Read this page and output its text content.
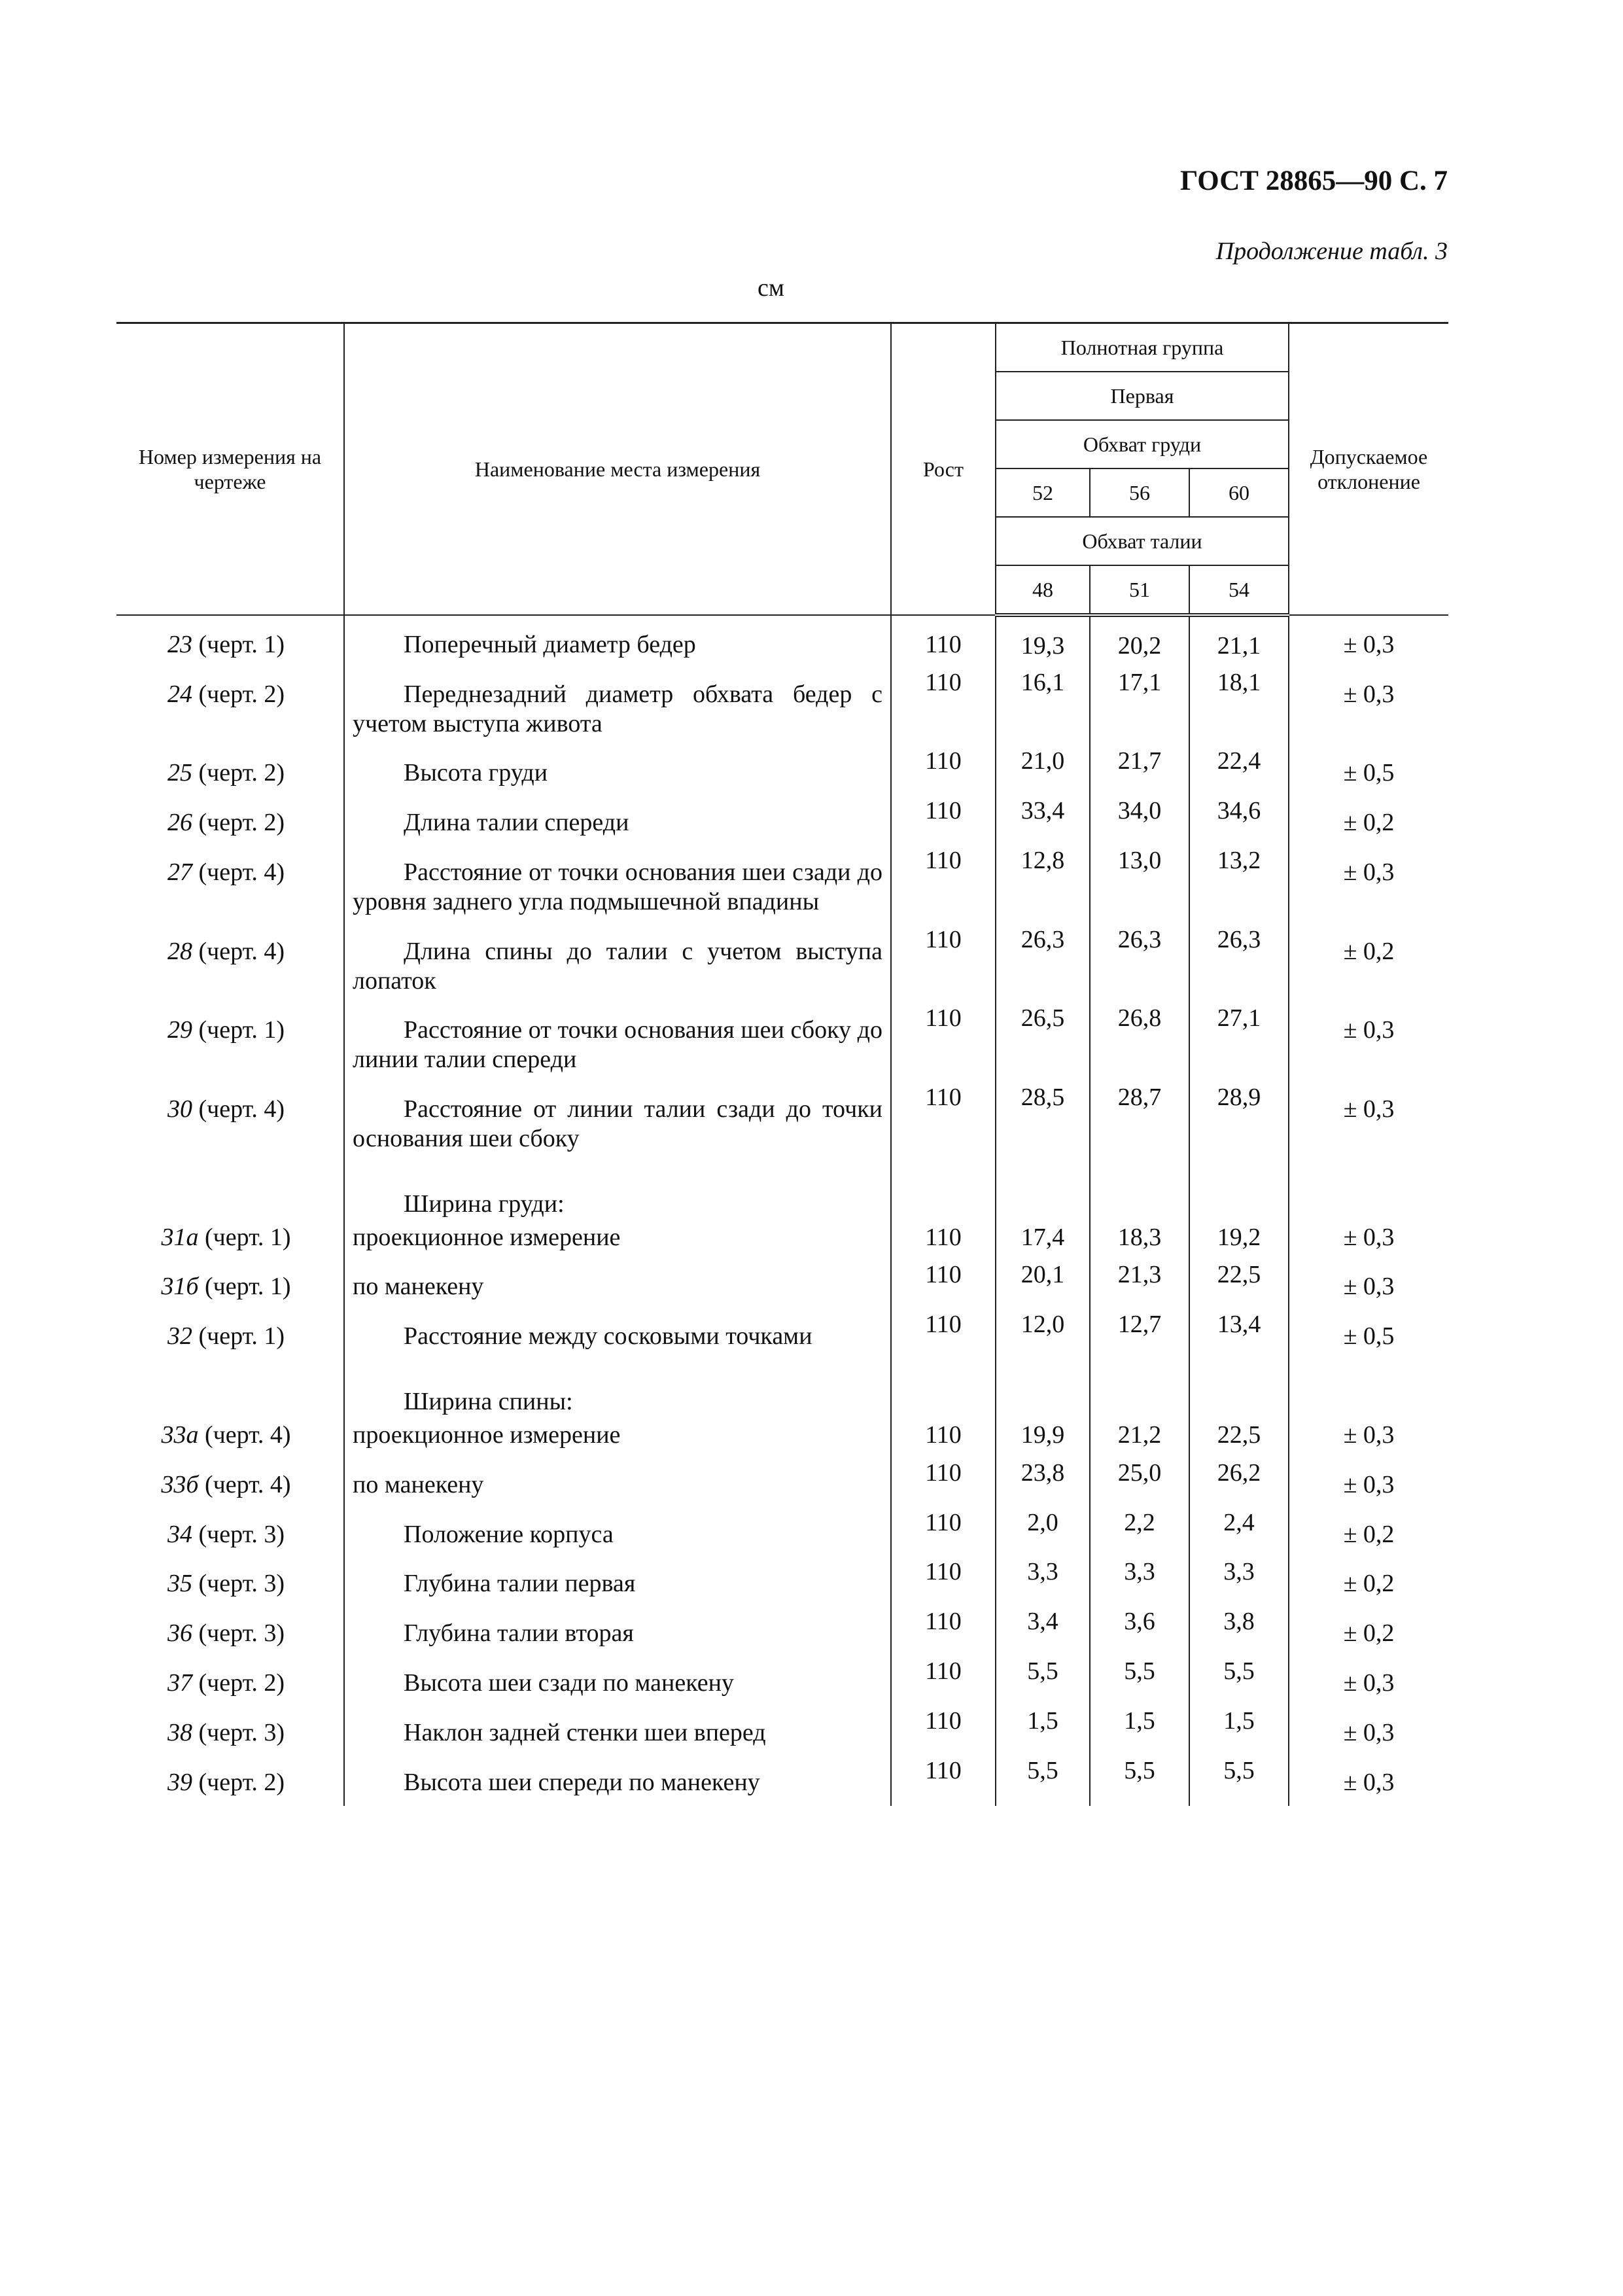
ГОСТ 28865—90 С. 7
Продолжение табл. 3
см
Номер измерения на чертеже	Наименование места измерения	Рост	Полнотная группа			Допускаемое отклонение
			Первая			
			Обхват груди			
			52	56	60	
			Обхват талии			
			48	51	54	
23 (черт. 1)	Поперечный диаметр бедер	110	19,3	20,2	21,1	± 0,3
24 (черт. 2)	Переднезадний диаметр обхвата бедер с учетом выступа живота	110	16,1	17,1	18,1	± 0,3
25 (черт. 2)	Высота груди	110	21,0	21,7	22,4	± 0,5
26 (черт. 2)	Длина талии спереди	110	33,4	34,0	34,6	± 0,2
27 (черт. 4)	Расстояние от точки основания шеи сзади до уровня заднего угла подмышечной впадины	110	12,8	13,0	13,2	± 0,3
28 (черт. 4)	Длина спины до талии с учетом выступа лопаток	110	26,3	26,3	26,3	± 0,2
29 (черт. 1)	Расстояние от точки основания шеи сбоку до линии талии спереди	110	26,5	26,8	27,1	± 0,3
30 (черт. 4)	Расстояние от линии талии сзади до точки основания шеи сбоку	110	28,5	28,7	28,9	± 0,3
	Ширина груди:					
31а (черт. 1)	проекционное измерение	110	17,4	18,3	19,2	± 0,3
31б (черт. 1)	по манекену	110	20,1	21,3	22,5	± 0,3
32 (черт. 1)	Расстояние между сосковыми точками	110	12,0	12,7	13,4	± 0,5
	Ширина спины:					
33а (черт. 4)	проекционное измерение	110	19,9	21,2	22,5	± 0,3
33б (черт. 4)	по манекену	110	23,8	25,0	26,2	± 0,3
34 (черт. 3)	Положение корпуса	110	2,0	2,2	2,4	± 0,2
35 (черт. 3)	Глубина талии первая	110	3,3	3,3	3,3	± 0,2
36 (черт. 3)	Глубина талии вторая	110	3,4	3,6	3,8	± 0,2
37 (черт. 2)	Высота шеи сзади по манекену	110	5,5	5,5	5,5	± 0,3
38 (черт. 3)	Наклон задней стенки шеи вперед	110	1,5	1,5	1,5	± 0,3
39 (черт. 2)	Высота шеи спереди по манекену	110	5,5	5,5	5,5	± 0,3
